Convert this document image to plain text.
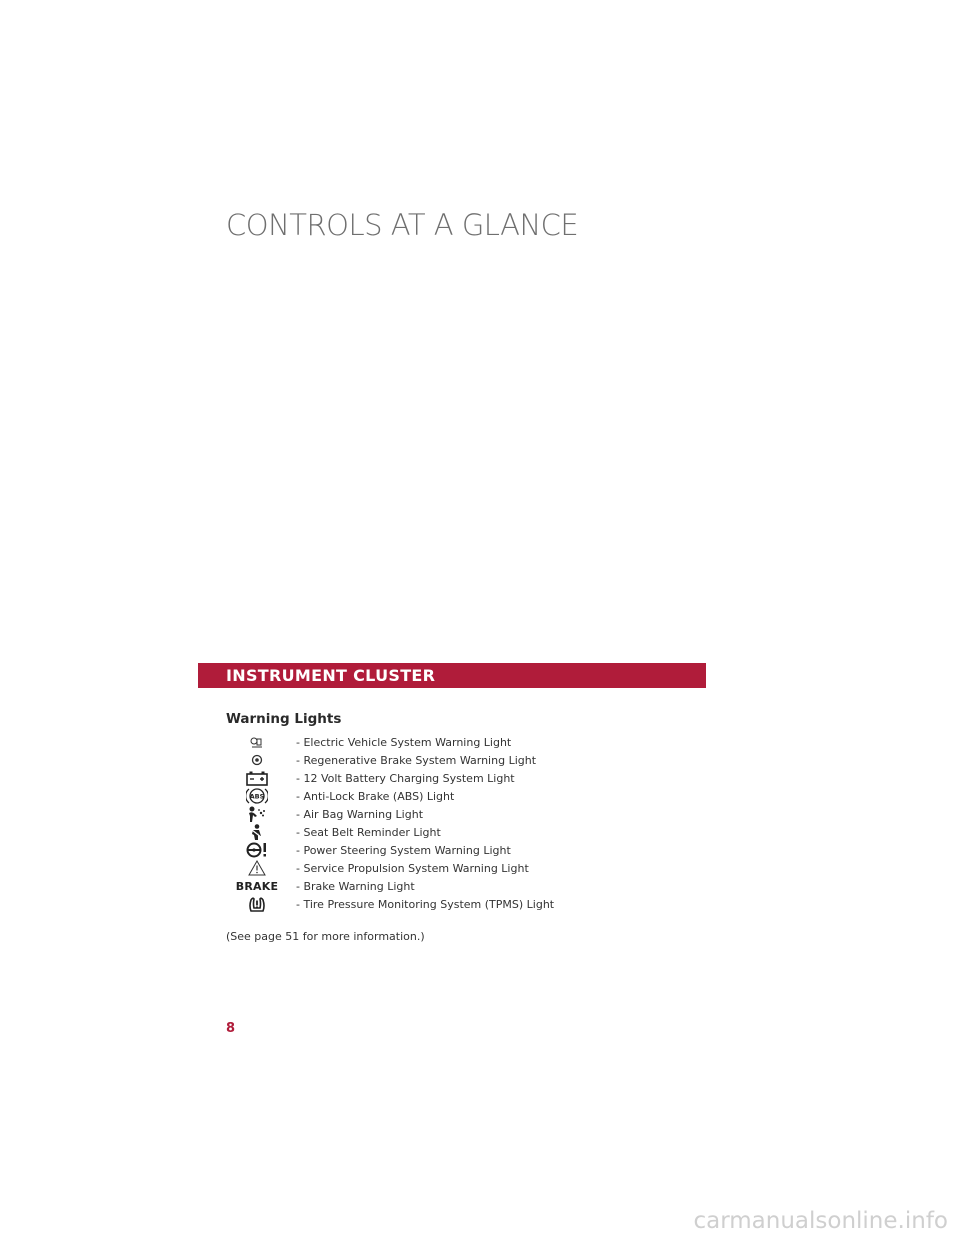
CONTROLS AT A GLANCE
INSTRUMENT CLUSTER
Warning Lights
- Electric Vehicle System Warning Light
- Regenerative Brake System Warning Light
- 12 Volt Battery Charging System Light
ABS	- Anti-Lock Brake (ABS) Light
- Air Bag Warning Light
- Seat Belt Reminder Light
- Power Steering System Warning Light
- Service Propulsion System Warning Light
BRAKE	- Brake Warning Light
- Tire Pressure Monitoring System (TPMS) Light
(See page 51 for more information.)
8
carmanualsonline.info
